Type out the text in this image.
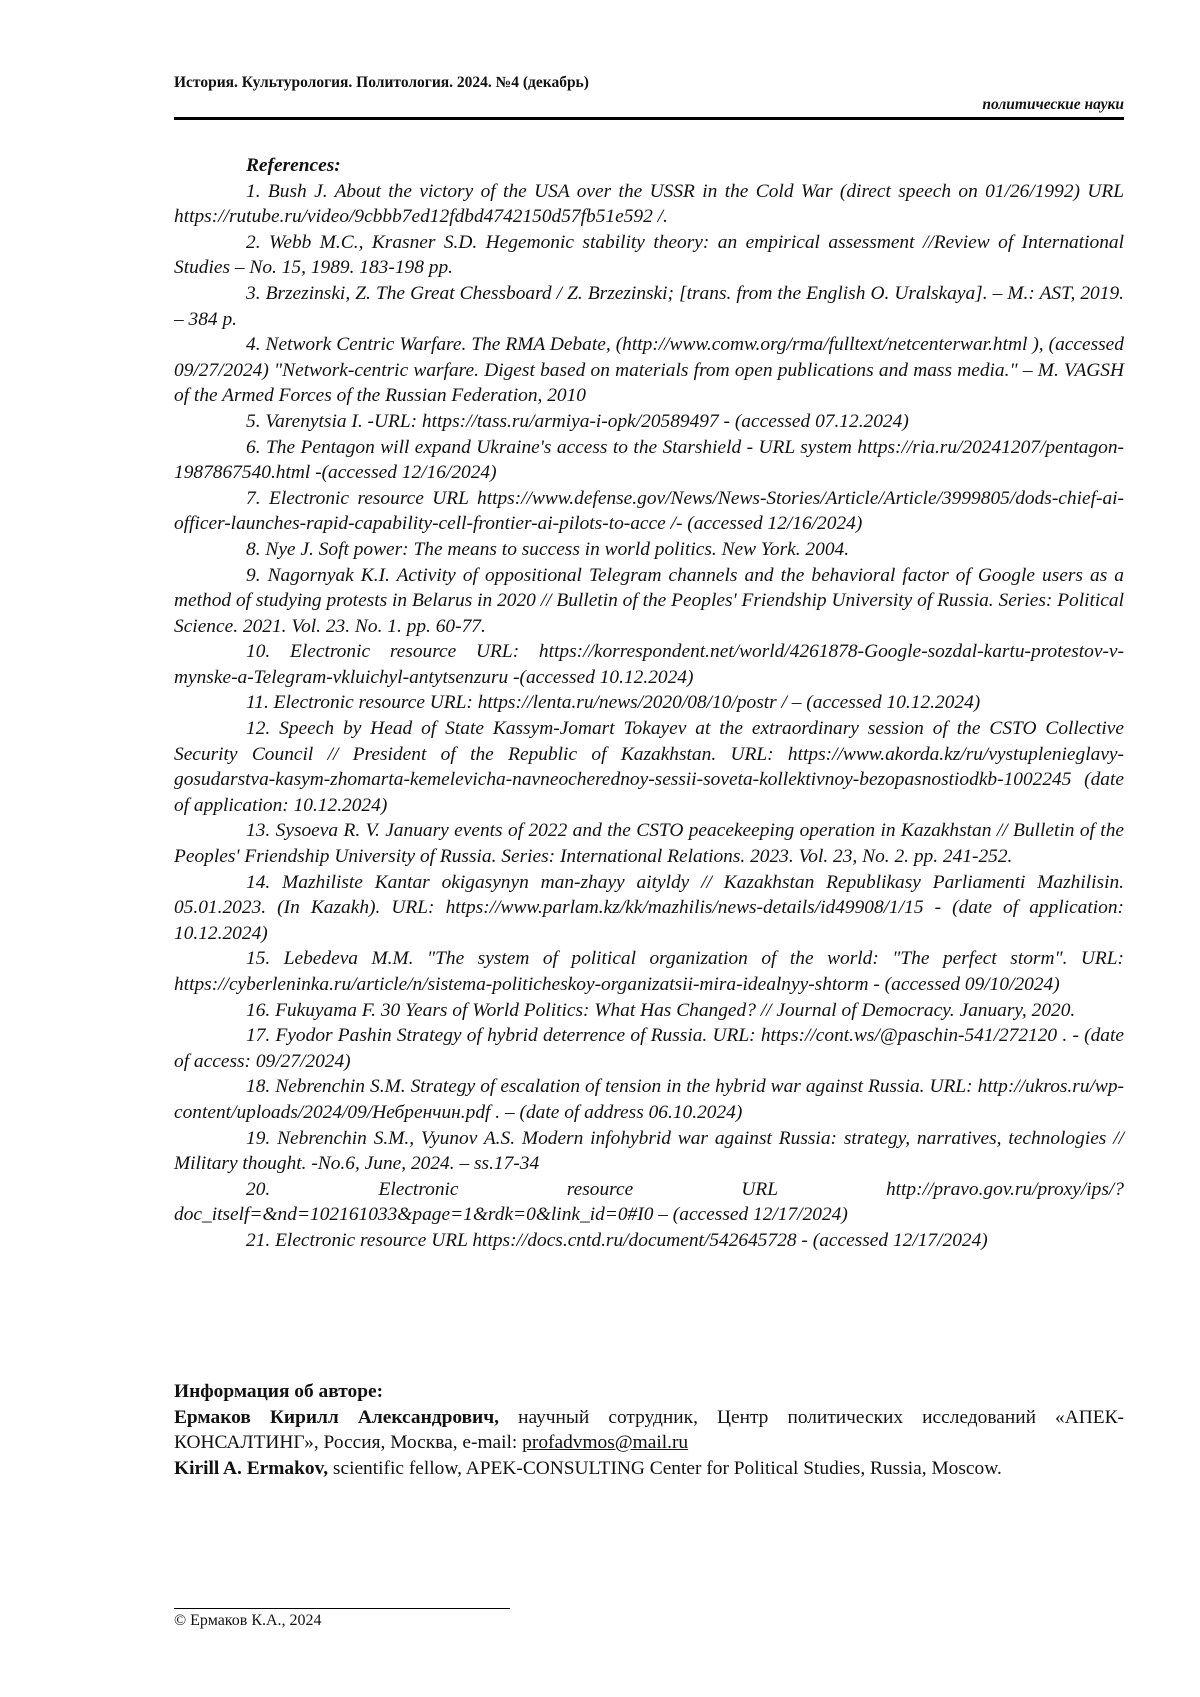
История. Культурология. Политология. 2024. №4 (декабрь)
политические науки

References:

1. Bush J. About the victory of the USA over the USSR in the Cold War (direct speech on 01/26/1992) URL https://rutube.ru/video/9cbbb7ed12fdbd4742150d57fb51e592 /.

2. Webb M.C., Krasner S.D. Hegemonic stability theory: an empirical assessment //Review of International Studies – No. 15, 1989. 183-198 pp.

3. Brzezinski, Z. The Great Chessboard / Z. Brzezinski; [trans. from the English O. Uralskaya]. – M.: AST, 2019. – 384 p.

4. Network Centric Warfare. The RMA Debate, (http://www.comw.org/rma/fulltext/netcenterwar.html ), (accessed 09/27/2024) "Network-centric warfare. Digest based on materials from open publications and mass media." – M. VAGSH of the Armed Forces of the Russian Federation, 2010

5. Varenytsia I. -URL: https://tass.ru/armiya-i-opk/20589497 - (accessed 07.12.2024)

6. The Pentagon will expand Ukraine's access to the Starshield - URL system https://ria.ru/20241207/pentagon-1987867540.html -(accessed 12/16/2024)

7. Electronic resource URL https://www.defense.gov/News/News-Stories/Article/Article/3999805/dods-chief-ai-officer-launches-rapid-capability-cell-frontier-ai-pilots-to-acce /- (accessed 12/16/2024)

8. Nye J. Soft power: The means to success in world politics. New York. 2004.

9. Nagornyak K.I. Activity of oppositional Telegram channels and the behavioral factor of Google users as a method of studying protests in Belarus in 2020 // Bulletin of the Peoples' Friendship University of Russia. Series: Political Science. 2021. Vol. 23. No. 1. pp. 60-77.

10. Electronic resource URL: https://korrespondent.net/world/4261878-Google-sozdal-kartu-protestov-v-mynske-a-Telegram-vkluichyl-antytsenzuru -(accessed 10.12.2024)

11. Electronic resource URL: https://lenta.ru/news/2020/08/10/postr / – (accessed 10.12.2024)

12. Speech by Head of State Kassym-Jomart Tokayev at the extraordinary session of the CSTO Collective Security Council // President of the Republic of Kazakhstan. URL: https://www.akorda.kz/ru/vystuplenieglavy-gosudarstva-kasym-zhomarta-kemelevicha-navneocherednoy-sessii-soveta-kollektivnoy-bezopasnostiodkb-1002245 (date of application: 10.12.2024)

13. Sysoeva R. V. January events of 2022 and the CSTO peacekeeping operation in Kazakhstan // Bulletin of the Peoples' Friendship University of Russia. Series: International Relations. 2023. Vol. 23, No. 2. pp. 241-252.

14. Mazhiliste Kantar okigasynyn man-zhayy aityldy // Kazakhstan Republikasy Parliamenti Mazhilisin. 05.01.2023. (In Kazakh). URL: https://www.parlam.kz/kk/mazhilis/news-details/id49908/1/15 - (date of application: 10.12.2024)

15. Lebedeva M.M. "The system of political organization of the world: "The perfect storm". URL: https://cyberleninka.ru/article/n/sistema-politicheskoy-organizatsii-mira-idealnyy-shtorm - (accessed 09/10/2024)

16. Fukuyama F. 30 Years of World Politics: What Has Changed? // Journal of Democracy. January, 2020.

17. Fyodor Pashin Strategy of hybrid deterrence of Russia. URL: https://cont.ws/@paschin-541/272120 . - (date of access: 09/27/2024)

18. Nebrenchin S.M. Strategy of escalation of tension in the hybrid war against Russia. URL: http://ukros.ru/wp-content/uploads/2024/09/Небренчин.pdf . – (date of address 06.10.2024)

19. Nebrenchin S.M., Vyunov A.S. Modern infohybrid war against Russia: strategy, narratives, technologies // Military thought. -No.6, June, 2024. – ss.17-34

20. Electronic resource URL http://pravo.gov.ru/proxy/ips/?doc_itself=&nd=102161033&page=1&rdk=0&link_id=0#I0 – (accessed 12/17/2024)

21. Electronic resource URL https://docs.cntd.ru/document/542645728 - (accessed 12/17/2024)

Информация об авторе:

Ермаков Кирилл Александрович, научный сотрудник, Центр политических исследований «АПЕК-КОНСАЛТИНГ», Россия, Москва, e-mail: profadvmos@mail.ru

Kirill A. Ermakov, scientific fellow, APEK-CONSULTING Center for Political Studies, Russia, Moscow.

© Ермаков К.А., 2024
